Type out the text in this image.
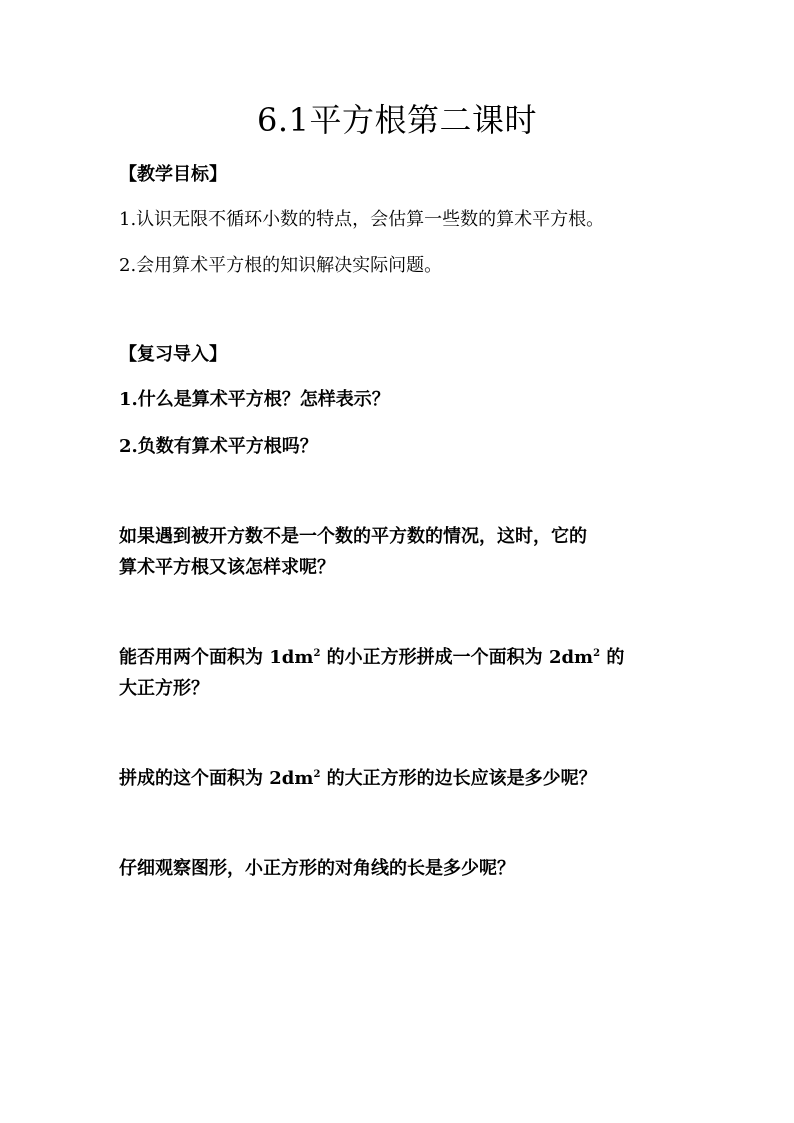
6.1平方根第二课时
【教学目标】
1.认识无限不循环小数的特点，会估算一些数的算术平方根。
2.会用算术平方根的知识解决实际问题。
【复习导入】
1.什么是算术平方根？怎样表示？
2.负数有算术平方根吗？
如果遇到被开方数不是一个数的平方数的情况，这时，它的
算术平方根又该怎样求呢？
能否用两个面积为 $1dm^2$ 的小正方形拼成一个面积为 $2dm^2$ 的
大正方形？
拼成的这个面积为 $2dm^2$ 的大正方形的边长应该是多少呢？
仔细观察图形，小正方形的对角线的长是多少呢？
